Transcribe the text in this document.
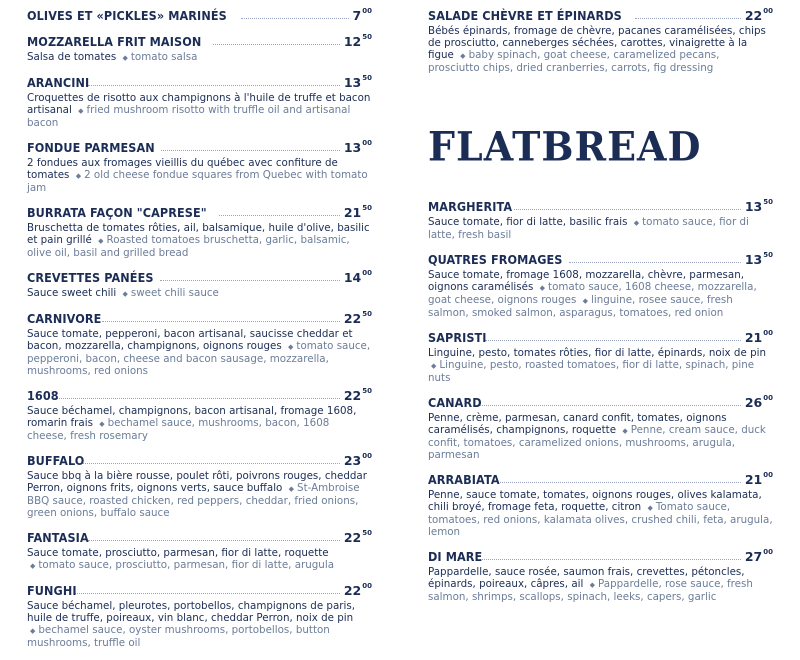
OLIVES ET «PICKLES» MARINÉS	$7^{00}$
MOZZARELLA FRIT MAISON	$12^{50}$
Salsa de tomates ◆ tomato salsa
ARANCINI	$13^{50}$
Croquettes de risotto aux champignons à l'huile de truffe et bacon artisanal ◆ fried mushroom risotto with truffle oil and artisanal bacon
FONDUE PARMESAN	$13^{00}$
2 fondues aux fromages vieillis du québec avec confiture de tomates ◆ 2 old cheese fondue squares from Quebec with tomato jam
BURRATA FAÇON "CAPRESE"	$21^{50}$
Bruschetta de tomates rôties, ail, balsamique, huile d'olive, basilic et pain grillé ◆ Roasted tomatoes bruschetta, garlic, balsamic, olive oil, basil and grilled bread
CREVETTES PANÉES	$14^{00}$
Sauce sweet chili ◆ sweet chili sauce
CARNIVORE	$22^{50}$
Sauce tomate, pepperoni, bacon artisanal, saucisse cheddar et bacon, mozzarella, champignons, oignons rouges ◆ tomato sauce, pepperoni, bacon, cheese and bacon sausage, mozzarella, mushrooms, red onions
1608	$22^{50}$
Sauce béchamel, champignons, bacon artisanal, fromage 1608, romarin frais ◆ bechamel sauce, mushrooms, bacon, 1608 cheese, fresh rosemary
BUFFALO	$23^{00}$
Sauce bbq à la bière rousse, poulet rôti, poivrons rouges, cheddar Perron, oignons frits, oignons verts, sauce buffalo ◆ St-Ambroise BBQ sauce, roasted chicken, red peppers, cheddar, fried onions, green onions, buffalo sauce
FANTASIA	$22^{50}$
Sauce tomate, prosciutto, parmesan, fior di latte, roquette ◆ tomato sauce, prosciutto, parmesan, fior di latte, arugula
FUNGHI	$22^{00}$
Sauce béchamel, pleurotes, portobellos, champignons de paris, huile de truffe, poireaux, vin blanc, cheddar Perron, noix de pin ◆ bechamel sauce, oyster mushrooms, portobellos, button mushrooms, truffle oil
SALADE CHÈVRE ET ÉPINARDS	$22^{00}$
Bébés épinards, fromage de chèvre, pacanes caramélisées, chips de prosciutto, canneberges séchées, carottes, vinaigrette à la figue ◆ baby spinach, goat cheese, caramelized pecans, prosciutto chips, dried cranberries, carrots, fig dressing
FLATBREAD
MARGHERITA	$13^{50}$
Sauce tomate, fior di latte, basilic frais ◆ tomato sauce, fior di latte, fresh basil
QUATRES FROMAGES	$13^{50}$
Sauce tomate, fromage 1608, mozzarella, chèvre, parmesan, oignons caramélisés ◆ tomato sauce, 1608 cheese, mozzarella, goat cheese, oignons rouges ◆ linguine, rosee sauce, fresh salmon, smoked salmon, asparagus, tomatoes, red onion
SAPRISTI	$21^{00}$
Linguine, pesto, tomates rôties, fior di latte, épinards, noix de pin ◆ Linguine, pesto, roasted tomatoes, fior di latte, spinach, pine nuts
CANARD	$26^{00}$
Penne, crème, parmesan, canard confit, tomates, oignons caramélisés, champignons, roquette ◆ Penne, cream sauce, duck confit, tomatoes, caramelized onions, mushrooms, arugula, parmesan
ARRABIATA	$21^{00}$
Penne, sauce tomate, tomates, oignons rouges, olives kalamata, chili broyé, fromage feta, roquette, citron ◆ Tomato sauce, tomatoes, red onions, kalamata olives, crushed chili, feta, arugula, lemon
DI MARE	$27^{00}$
Pappardelle, sauce rosée, saumon frais, crevettes, pétoncles, épinards, poireaux, câpres, ail ◆ Pappardelle, rose sauce, fresh salmon, shrimps, scallops, spinach, leeks, capers, garlic
